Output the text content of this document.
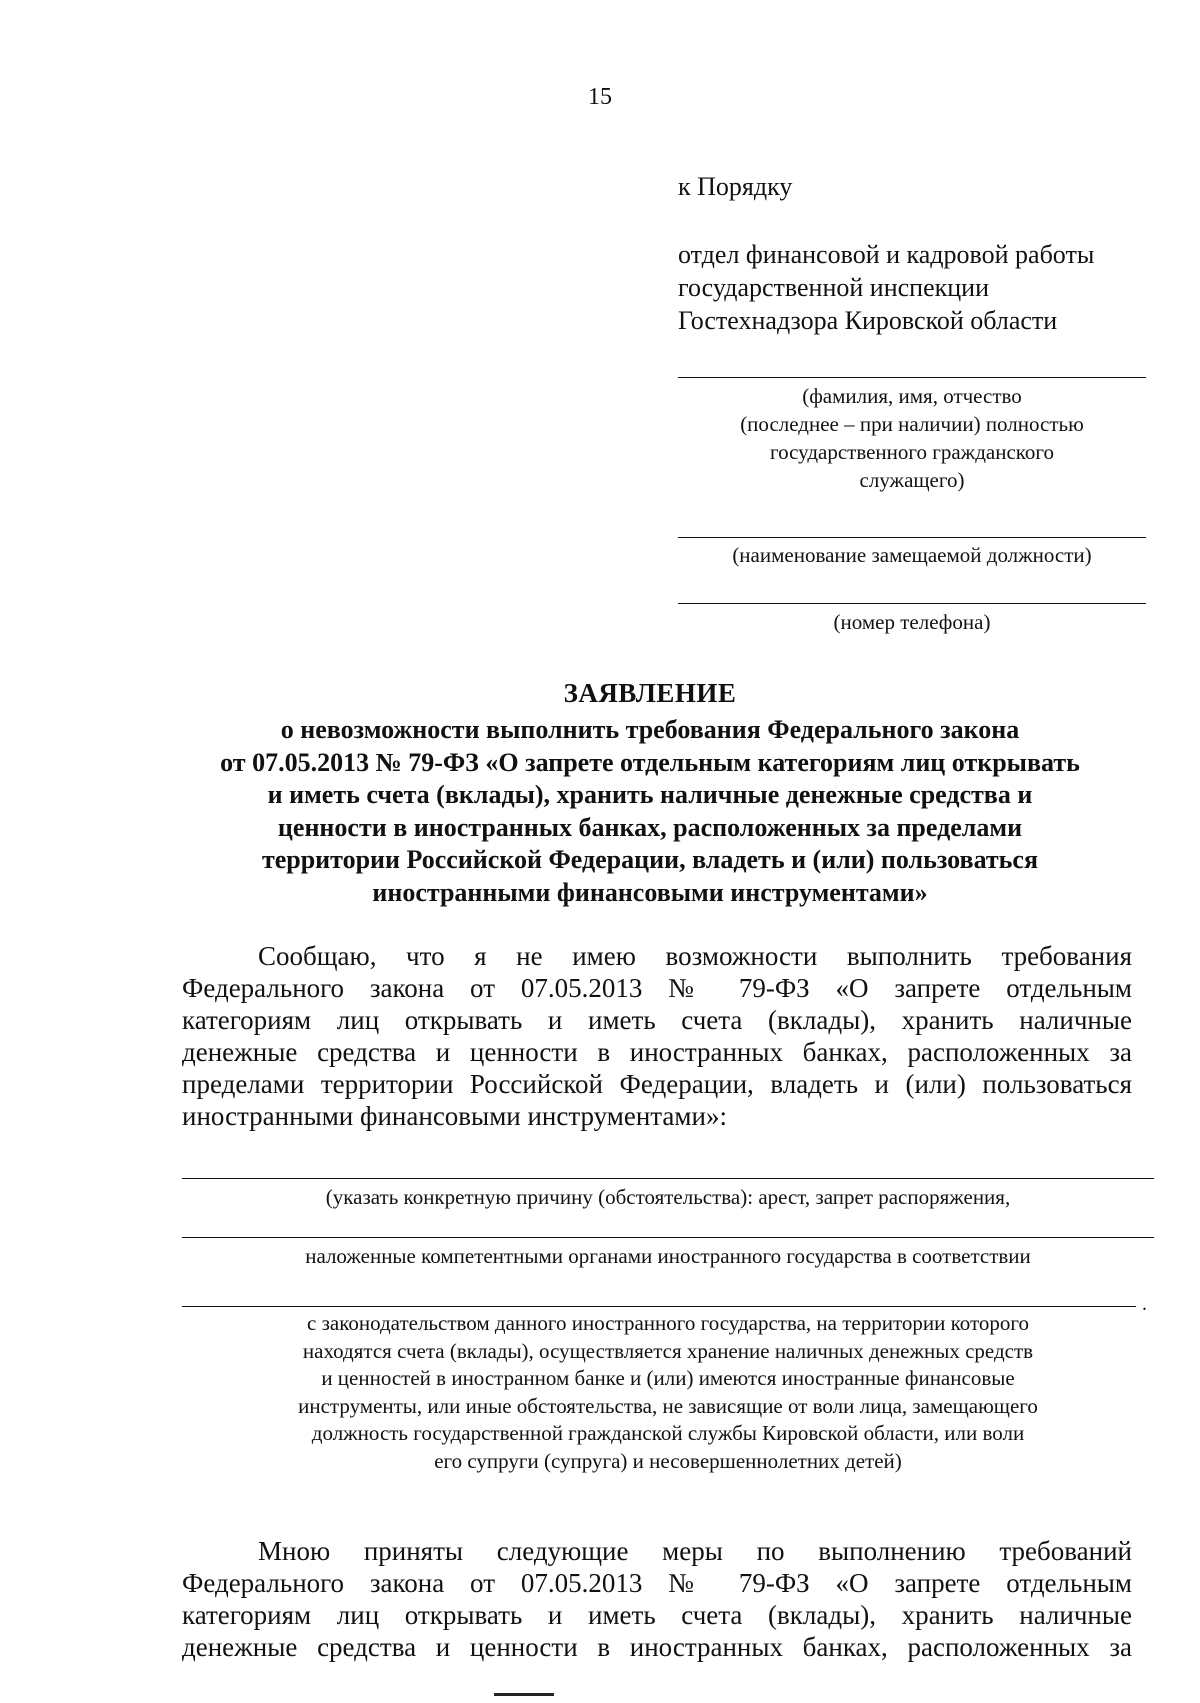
15
к Порядку
отдел финансовой и кадровой работы
государственной инспекции
Гостехнадзора Кировской области
(фамилия, имя, отчество
(последнее – при наличии) полностью
государственного гражданского
служащего)
(наименование замещаемой должности)
(номер телефона)
ЗАЯВЛЕНИЕ
о невозможности выполнить требования Федерального закона
от 07.05.2013 № 79-ФЗ «О запрете отдельным категориям лиц открывать
и иметь счета (вклады), хранить наличные денежные средства и
ценности в иностранных банках, расположенных за пределами
территории Российской Федерации, владеть и (или) пользоваться
иностранными финансовыми инструментами»
Сообщаю, что я не имею возможности выполнить требования
Федерального закона от 07.05.2013 № 79-ФЗ «О запрете отдельным
категориям лиц открывать и иметь счета (вклады), хранить наличные
денежные средства и ценности в иностранных банках, расположенных за
пределами территории Российской Федерации, владеть и (или) пользоваться
иностранными финансовыми инструментами»:
(указать конкретную причину (обстоятельства): арест, запрет распоряжения,
наложенные компетентными органами иностранного государства в соответствии
.
с законодательством данного иностранного государства, на территории которого
находятся счета (вклады), осуществляется хранение наличных денежных средств
и ценностей в иностранном банке и (или) имеются иностранные финансовые
инструменты, или иные обстоятельства, не зависящие от воли лица, замещающего
должность государственной гражданской службы Кировской области, или воли
его супруги (супруга) и несовершеннолетних детей)
Мною приняты следующие меры по выполнению требований
Федерального закона от 07.05.2013 № 79-ФЗ «О запрете отдельным
категориям лиц открывать и иметь счета (вклады), хранить наличные
денежные средства и ценности в иностранных банках, расположенных за
